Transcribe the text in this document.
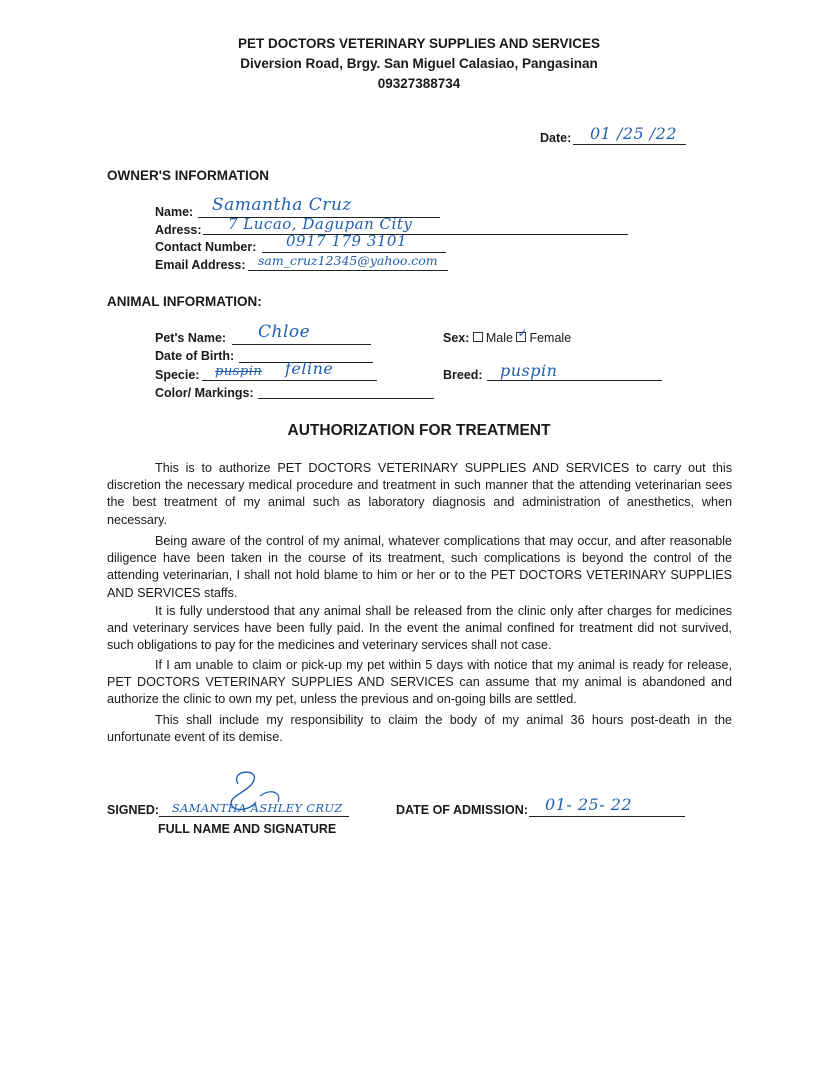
PET DOCTORS VETERINARY SUPPLIES AND SERVICES
Diversion Road, Brgy. San Miguel Calasiao, Pangasinan
09327388734
Date: 01 /25 /22
OWNER'S INFORMATION
Name: Samantha Cruz
Adress: 7 Lucao, Dagupan City
Contact Number: 0917 179 3101
Email Address: sam_cruz12345@yahoo.com
ANIMAL INFORMATION:
Pet's Name: Chloe
Date of Birth:
Specie: puspin feline
Color/ Markings:
Sex: Male ✓ Female
Breed: puspin
AUTHORIZATION FOR TREATMENT

This is to authorize PET DOCTORS VETERINARY SUPPLIES AND SERVICES to carry out this discretion the necessary medical procedure and treatment in such manner that the attending veterinarian sees the best treatment of my animal such as laboratory diagnosis and administration of anesthetics, when necessary.

Being aware of the control of my animal, whatever complications that may occur, and after reasonable diligence have been taken in the course of its treatment, such complications is beyond the control of the attending veterinarian, I shall not hold blame to him or her or to the PET DOCTORS VETERINARY SUPPLIES AND SERVICES staffs.

It is fully understood that any animal shall be released from the clinic only after charges for medicines and veterinary services have been fully paid. In the event the animal confined for treatment did not survived, such obligations to pay for the medicines and veterinary services shall not case.

If I am unable to claim or pick-up my pet within 5 days with notice that my animal is ready for release, PET DOCTORS VETERINARY SUPPLIES AND SERVICES can assume that my animal is abandoned and authorize the clinic to own my pet, unless the previous and on-going bills are settled.

This shall include my responsibility to claim the body of my animal 36 hours post-death in the unfortunate event of its demise.

SIGNED: SAMANTHA ASHLEY CRUZ
FULL NAME AND SIGNATURE
DATE OF ADMISSION: 01- 25- 22
